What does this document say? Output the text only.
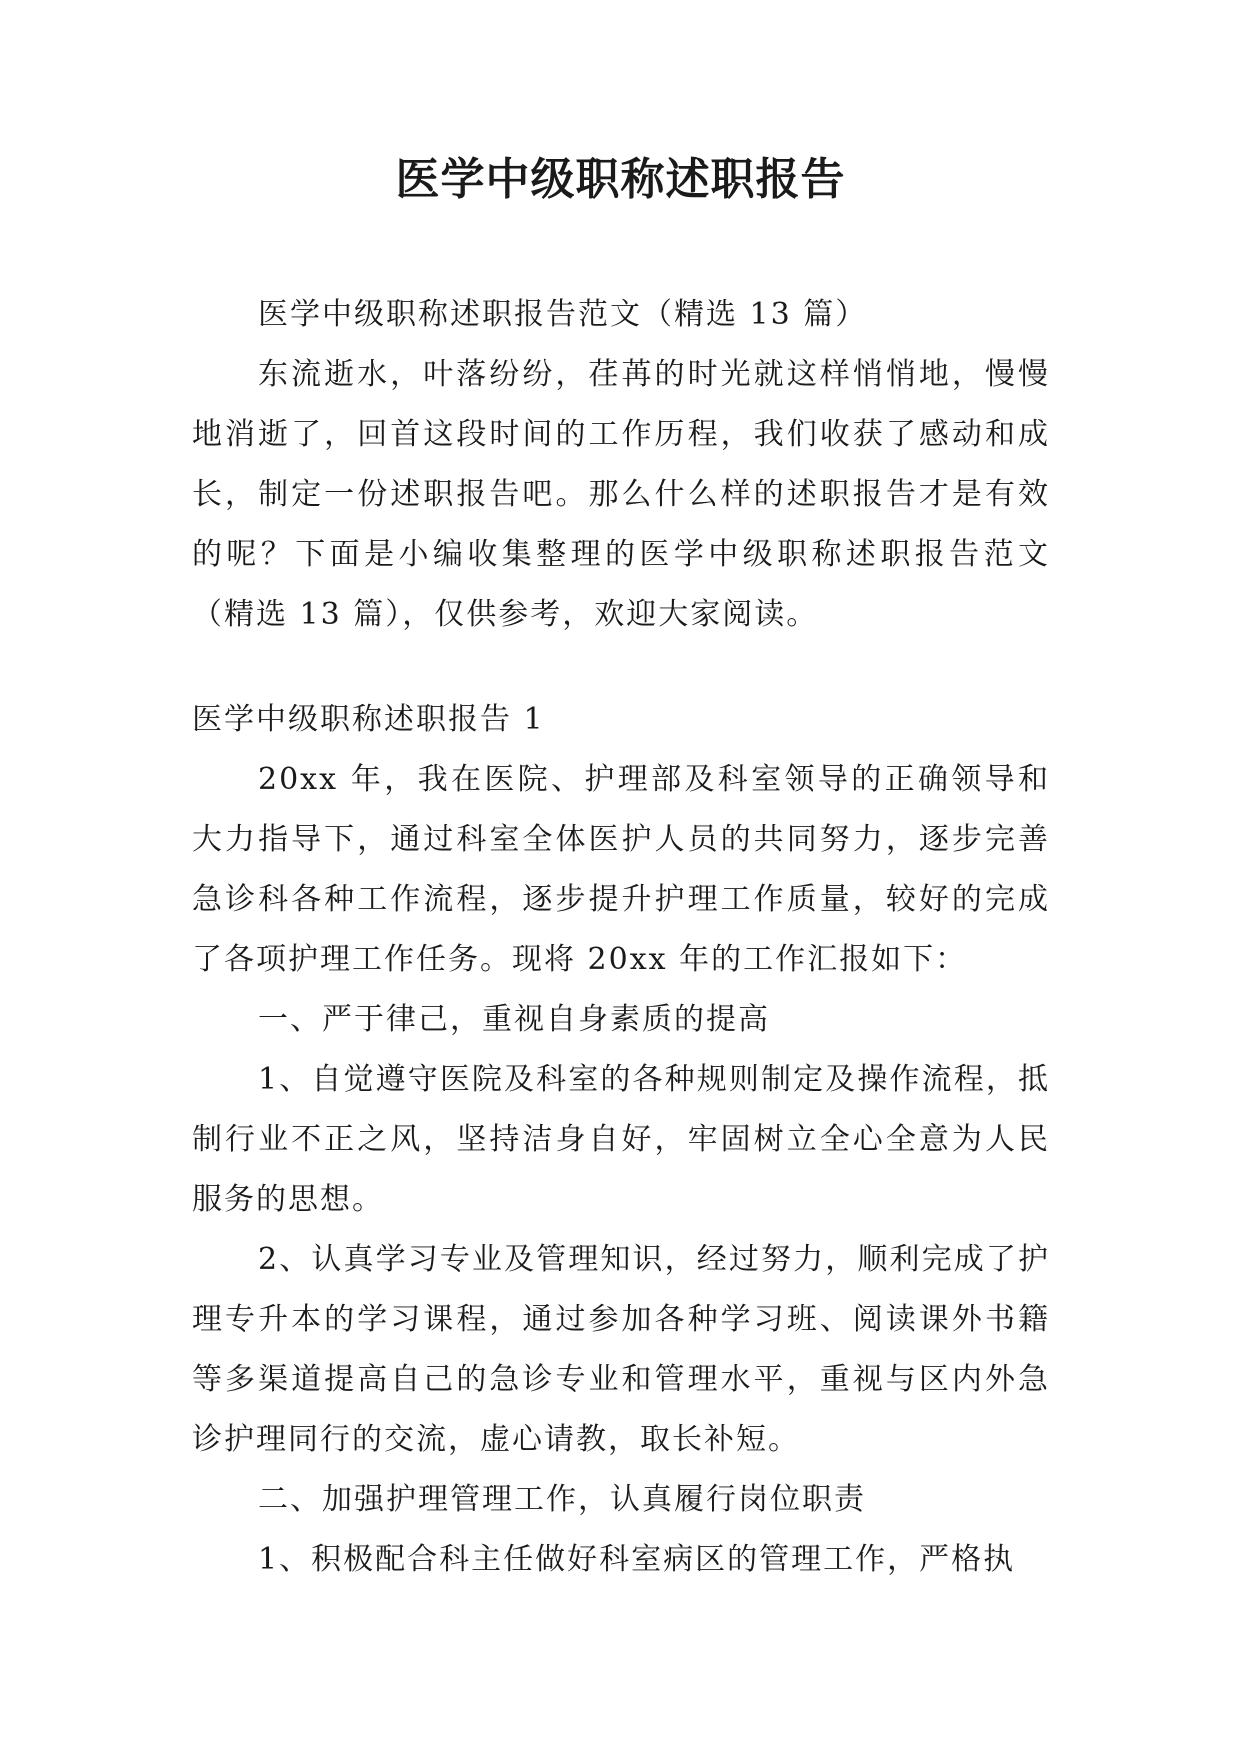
医学中级职称述职报告

医学中级职称述职报告范文（精选 13 篇）

东流逝水，叶落纷纷，荏苒的时光就这样悄悄地，慢慢地消逝了，回首这段时间的工作历程，我们收获了感动和成长，制定一份述职报告吧。那么什么样的述职报告才是有效的呢？下面是小编收集整理的医学中级职称述职报告范文（精选 13 篇），仅供参考，欢迎大家阅读。

医学中级职称述职报告 1

20xx 年，我在医院、护理部及科室领导的正确领导和大力指导下，通过科室全体医护人员的共同努力，逐步完善急诊科各种工作流程，逐步提升护理工作质量，较好的完成了各项护理工作任务。现将 20xx 年的工作汇报如下：

一、严于律己，重视自身素质的提高

1、自觉遵守医院及科室的各种规则制定及操作流程，抵制行业不正之风，坚持洁身自好，牢固树立全心全意为人民服务的思想。

2、认真学习专业及管理知识，经过努力，顺利完成了护理专升本的学习课程，通过参加各种学习班、阅读课外书籍等多渠道提高自己的急诊专业和管理水平，重视与区内外急诊护理同行的交流，虚心请教，取长补短。

二、加强护理管理工作，认真履行岗位职责

1、积极配合科主任做好科室病区的管理工作，严格执
